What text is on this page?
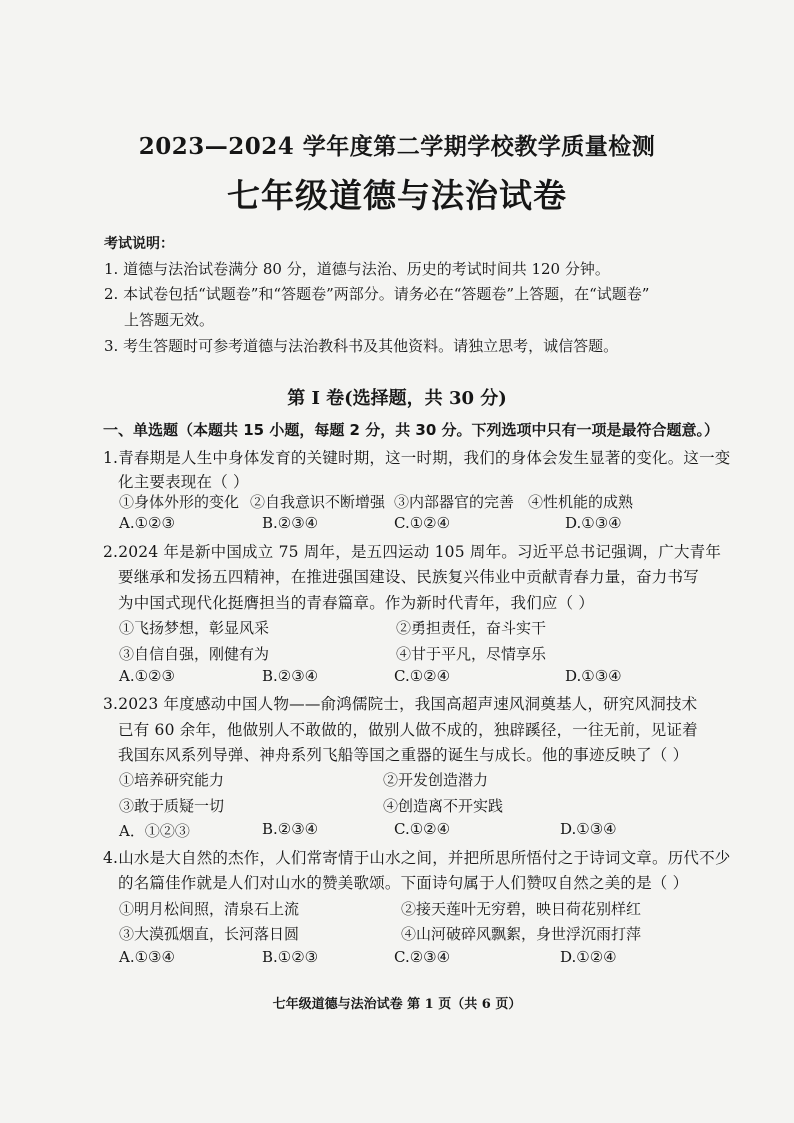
2023—2024 学年度第二学期学校教学质量检测
七年级道德与法治试卷
考试说明：
1. 道德与法治试卷满分 80 分，道德与法治、历史的考试时间共 120 分钟。
2. 本试卷包括“试题卷”和“答题卷”两部分。请务必在“答题卷”上答题，在“试题卷”
上答题无效。
3. 考生答题时可参考道德与法治教科书及其他资料。请独立思考，诚信答题。
第 I 卷(选择题，共 30 分)
一、单选题（本题共 15 小题，每题 2 分，共 30 分。下列选项中只有一项是最符合题意。）
1.青春期是人生中身体发育的关键时期，这一时期，我们的身体会发生显著的变化。这一变
化主要表现在（ ）
①身体外形的变化 ②自我意识不断增强 ③内部器官的完善 ④性机能的成熟
A.①②③	B.②③④	C.①②④	D.①③④
2.2024 年是新中国成立 75 周年，是五四运动 105 周年。习近平总书记强调，广大青年
要继承和发扬五四精神，在推进强国建设、民族复兴伟业中贡献青春力量，奋力书写
为中国式现代化挺膺担当的青春篇章。作为新时代青年，我们应（ ）
①飞扬梦想，彰显风采	②勇担责任，奋斗实干
③自信自强，刚健有为	④甘于平凡，尽情享乐
A.①②③	B.②③④	C.①②④	D.①③④
3.2023 年度感动中国人物——俞鸿儒院士，我国高超声速风洞奠基人，研究风洞技术
已有 60 余年，他做别人不敢做的，做别人做不成的，独辟蹊径，一往无前，见证着
我国东风系列导弹、神舟系列飞船等国之重器的诞生与成长。他的事迹反映了（ ）
①培养研究能力	②开发创造潜力
③敢于质疑一切	④创造离不开实践
A．①②③	B.②③④	C.①②④	D.①③④
4.山水是大自然的杰作，人们常寄情于山水之间，并把所思所悟付之于诗词文章。历代不少
的名篇佳作就是人们对山水的赞美歌颂。下面诗句属于人们赞叹自然之美的是（ ）
①明月松间照，清泉石上流	②接天莲叶无穷碧，映日荷花别样红
③大漠孤烟直，长河落日圆	④山河破碎风飘絮，身世浮沉雨打萍
A.①③④	B.①②③	C.②③④	D.①②④
七年级道德与法治试卷 第 1 页（共 6 页）
